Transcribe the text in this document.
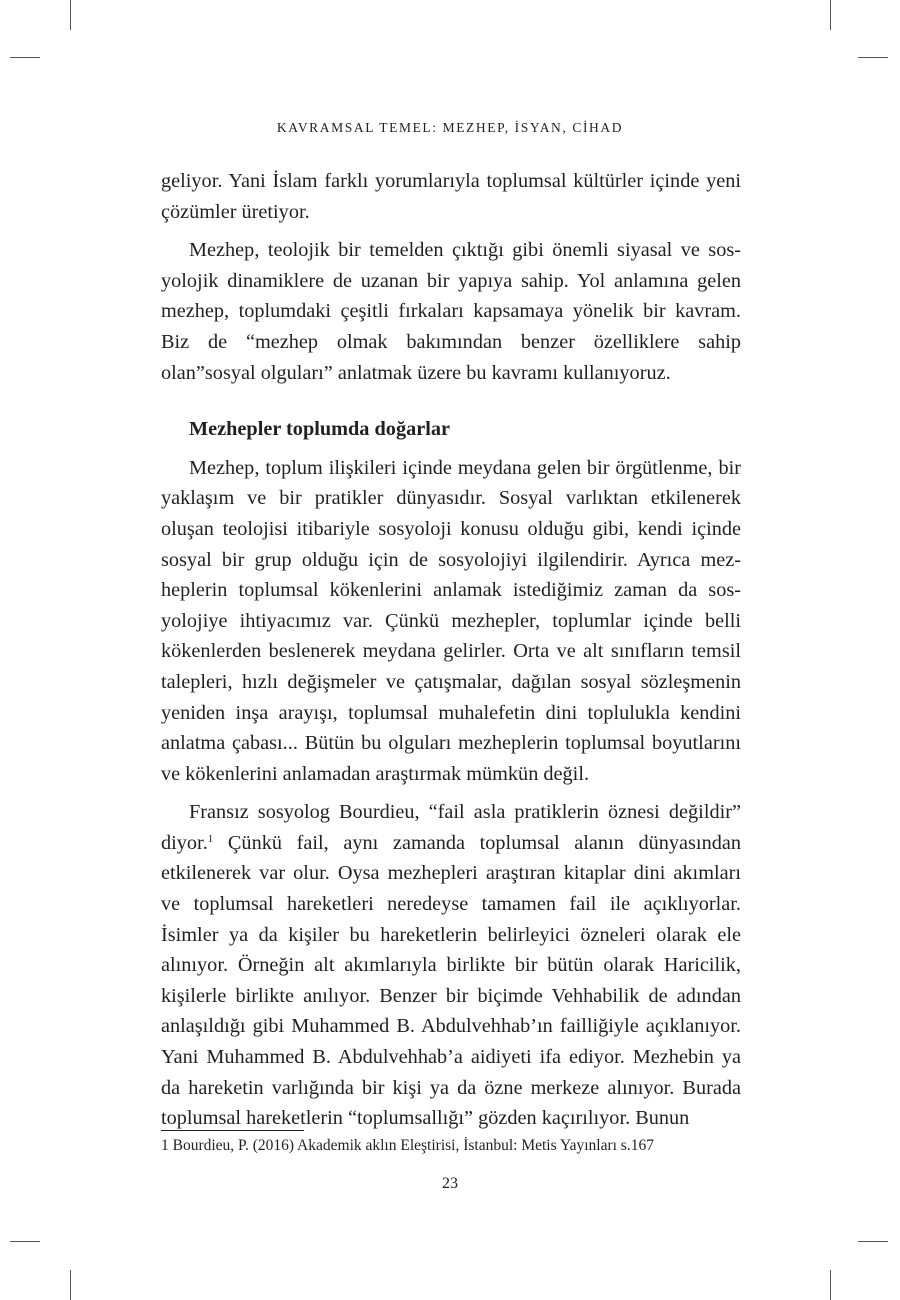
KAVRAMSAL TEMEL: MEZHEP, İSYAN, CİHAD

geliyor. Yani İslam farklı yorumlarıyla toplumsal kültürler içinde yeni çözümler üretiyor.

Mezhep, teolojik bir temelden çıktığı gibi önemli siyasal ve sosyolojik dinamiklere de uzanan bir yapıya sahip. Yol anlamına gelen mezhep, toplumdaki çeşitli fırkaları kapsamaya yönelik bir kavram. Biz de “mezhep olmak bakımından benzer özelliklere sahip olan”sosyal olguları” anlatmak üzere bu kavramı kullanıyoruz.

Mezhepler toplumda doğarlar

Mezhep, toplum ilişkileri içinde meydana gelen bir örgütlenme, bir yaklaşım ve bir pratikler dünyasıdır. Sosyal varlıktan etkilenerek oluşan teolojisi itibariyle sosyoloji konusu olduğu gibi, kendi içinde sosyal bir grup olduğu için de sosyolojiyi ilgilendirir. Ayrıca mezheplerin toplumsal kökenlerini anlamak istediğimiz zaman da sosyolojiye ihtiyacımız var. Çünkü mezhepler, toplumlar içinde belli kökenlerden beslenerek meydana gelirler. Orta ve alt sınıfların temsil talepleri, hızlı değişmeler ve çatışmalar, dağılan sosyal sözleşmenin yeniden inşa arayışı, toplumsal muhalefetin dini toplulukla kendini anlatma çabası... Bütün bu olguları mezheplerin toplumsal boyutlarını ve kökenlerini anlamadan araştırmak mümkün değil.

Fransız sosyolog Bourdieu, “fail asla pratiklerin öznesi değildir” diyor.$^1$ Çünkü fail, aynı zamanda toplumsal alanın dünyasından etkilenerek var olur. Oysa mezhepleri araştıran kitaplar dini akımları ve toplumsal hareketleri neredeyse tamamen fail ile açıklıyorlar. İsimler ya da kişiler bu hareketlerin belirleyici özneleri olarak ele alınıyor. Örneğin alt akımlarıyla birlikte bir bütün olarak Haricilik, kişilerle birlikte anılıyor. Benzer bir biçimde Vehhabilik de adından anlaşıldığı gibi Muhammed B. Abdulvehhab’ın failliğiyle açıklanıyor. Yani Muhammed B. Abdulvehhab’a aidiyeti ifa ediyor. Mezhebin ya da hareketin varlığında bir kişi ya da özne merkeze alınıyor. Burada toplumsal hareketlerin “toplumsallığı” gözden kaçırılıyor. Bunun

1 Bourdieu, P. (2016) Akademik aklın Eleştirisi, İstanbul: Metis Yayınları s.167
23
